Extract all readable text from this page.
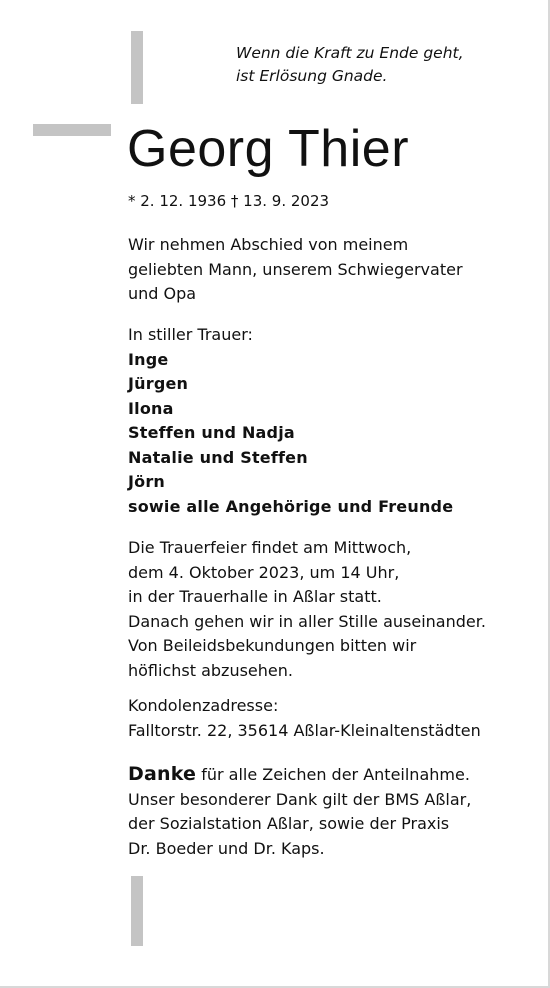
Wenn die Kraft zu Ende geht,
ist Erlösung Gnade.
Georg Thier
* 2. 12. 1936 † 13. 9. 2023
Wir nehmen Abschied von meinem
geliebten Mann, unserem Schwiegervater
und Opa
In stiller Trauer:
Inge
Jürgen
Ilona
Steffen und Nadja
Natalie und Steffen
Jörn
sowie alle Angehörige und Freunde
Die Trauerfeier findet am Mittwoch,
dem 4. Oktober 2023, um 14 Uhr,
in der Trauerhalle in Aßlar statt.
Danach gehen wir in aller Stille auseinander.
Von Beileidsbekundungen bitten wir
höflichst abzusehen.
Kondolenzadresse:
Falltorstr. 22, 35614 Aßlar-Kleinaltenstädten
Danke für alle Zeichen der Anteilnahme.
Unser besonderer Dank gilt der BMS Aßlar,
der Sozialstation Aßlar, sowie der Praxis
Dr. Boeder und Dr. Kaps.
